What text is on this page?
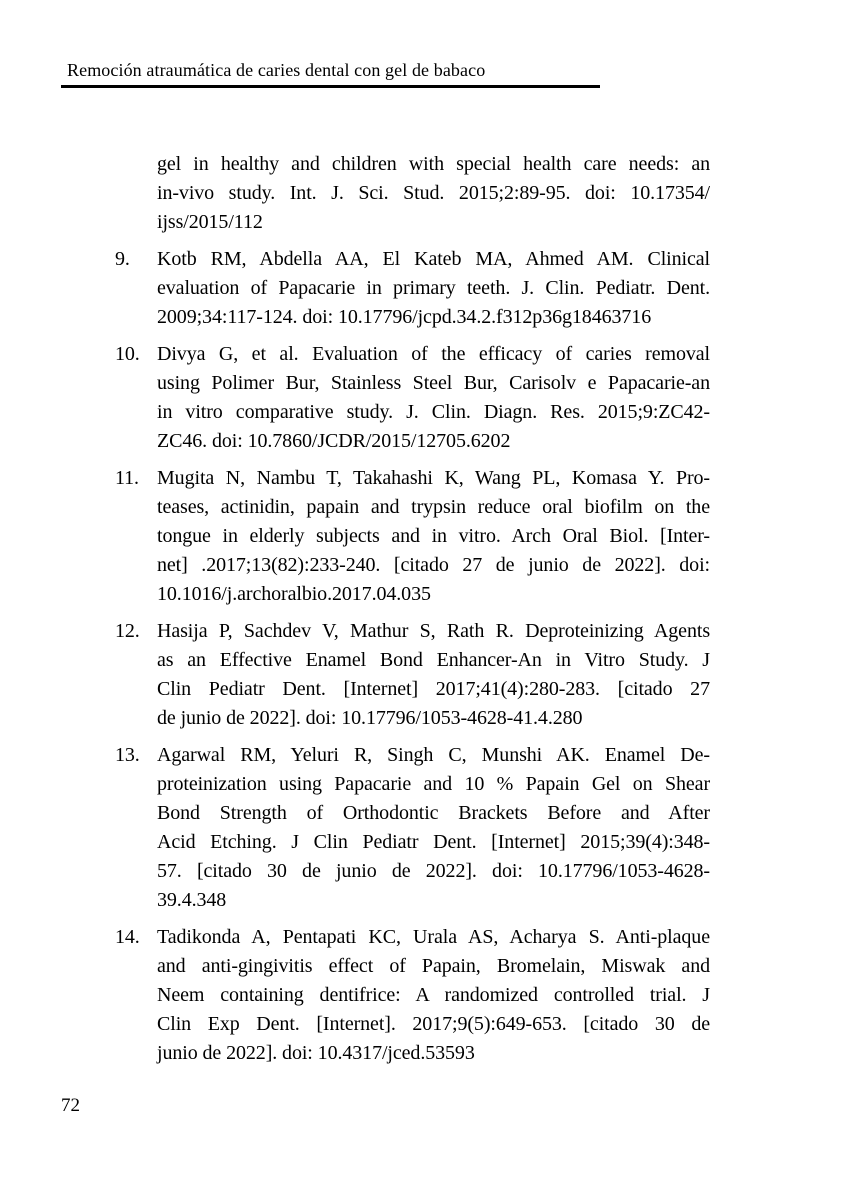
Remoción atraumática de caries dental con gel de babaco
gel in healthy and children with special health care needs: an
in-vivo study. Int. J. Sci. Stud. 2015;2:89-95. doi: 10.17354/
ijss/2015/112
9. Kotb RM, Abdella AA, El Kateb MA, Ahmed AM. Clinical
evaluation of Papacarie in primary teeth. J. Clin. Pediatr. Dent.
2009;34:117-124. doi: 10.17796/jcpd.34.2.f312p36g18463716
10. Divya G, et al. Evaluation of the efficacy of caries removal
using Polimer Bur, Stainless Steel Bur, Carisolv e Papacarie-an
in vitro comparative study. J. Clin. Diagn. Res. 2015;9:ZC42-
ZC46. doi: 10.7860/JCDR/2015/12705.6202
11. Mugita N, Nambu T, Takahashi K, Wang PL, Komasa Y. Pro-
teases, actinidin, papain and trypsin reduce oral biofilm on the
tongue in elderly subjects and in vitro. Arch Oral Biol. [Inter-
net] .2017;13(82):233-240. [citado 27 de junio de 2022]. doi:
10.1016/j.archoralbio.2017.04.035
12. Hasija P, Sachdev V, Mathur S, Rath R. Deproteinizing Agents
as an Effective Enamel Bond Enhancer-An in Vitro Study. J
Clin Pediatr Dent. [Internet] 2017;41(4):280-283. [citado 27
de junio de 2022]. doi: 10.17796/1053-4628-41.4.280
13. Agarwal RM, Yeluri R, Singh C, Munshi AK. Enamel De-
proteinization using Papacarie and 10 % Papain Gel on Shear
Bond Strength of Orthodontic Brackets Before and After
Acid Etching. J Clin Pediatr Dent. [Internet] 2015;39(4):348-
57. [citado 30 de junio de 2022]. doi: 10.17796/1053-4628-
39.4.348
14. Tadikonda A, Pentapati KC, Urala AS, Acharya S. Anti-plaque
and anti-gingivitis effect of Papain, Bromelain, Miswak and
Neem containing dentifrice: A randomized controlled trial. J
Clin Exp Dent. [Internet]. 2017;9(5):649-653. [citado 30 de
junio de 2022]. doi: 10.4317/jced.53593
72
